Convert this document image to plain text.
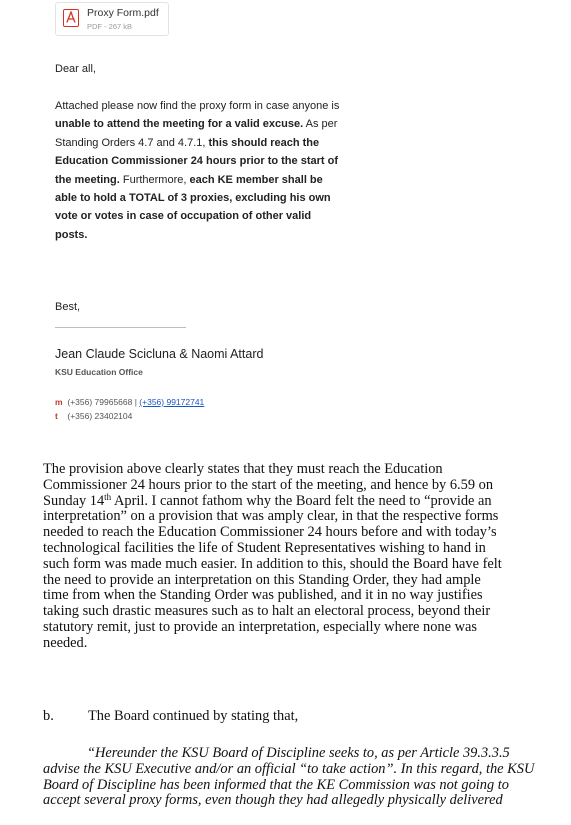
Proxy Form.pdf
PDF - 267 kB
Dear all,
Attached please now find the proxy form in case anyone is unable to attend the meeting for a valid excuse. As per Standing Orders 4.7 and 4.7.1, this should reach the Education Commissioner 24 hours prior to the start of the meeting. Furthermore, each KE member shall be able to hold a TOTAL of 3 proxies, excluding his own vote or votes in case of occupation of other valid posts.
Best,
Jean Claude Scicluna & Naomi Attard
KSU Education Office
m (+356) 79965668 | (+356) 99172741
t (+356) 23402104
The provision above clearly states that they must reach the Education
Commissioner 24 hours prior to the start of the meeting, and hence by 6.59 on
Sunday 14th April. I cannot fathom why the Board felt the need to “provide an
interpretation” on a provision that was amply clear, in that the respective forms
needed to reach the Education Commissioner 24 hours before and with today’s
technological facilities the life of Student Representatives wishing to hand in
such form was made much easier. In addition to this, should the Board have felt
the need to provide an interpretation on this Standing Order, they had ample
time from when the Standing Order was published, and it in no way justifies
taking such drastic measures such as to halt an electoral process, beyond their
statutory remit, just to provide an interpretation, especially where none was
needed.
b. The Board continued by stating that,
“Hereunder the KSU Board of Discipline seeks to, as per Article 39.3.3.5
advise the KSU Executive and/or an official “to take action”. In this regard, the KSU
Board of Discipline has been informed that the KE Commission was not going to
accept several proxy forms, even though they had allegedly physically delivered
